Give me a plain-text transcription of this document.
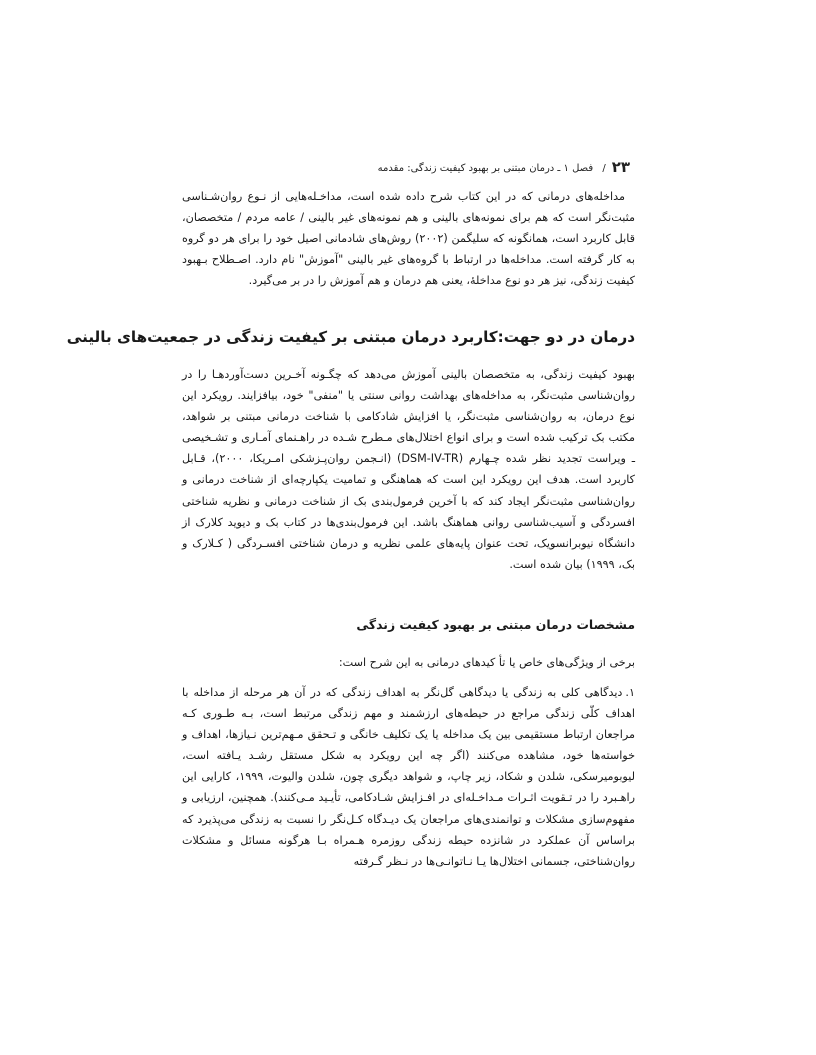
۲۳/ فصل ۱ ـ درمان مبتنی بر بهبود کیفیت زندگی: مقدمه

مداخله‌های درمانی که در این کتاب شرح داده شده است، مداخـله‌هایی از نـوع روان‌شـناسی مثبت‌نگر است که هم برای نمونه‌های بالینی و هم نمونه‌های غیر بالینی / عامه مردم / متخصصان، قابل کاربرد است، همانگونه که سلیگمن (۲۰۰۲) روش‌های شادمانی اصیل خود را برای هر دو گروه به کار گرفته است. مداخله‌ها در ارتباط با گروه‌های غیر بالینی "آموزش" نام دارد. اصـطلاح بـهبود کیفیت زندگی، نیز هر دو نوع مداخلهٔ، یعنی هم درمان و هم آموزش را در بر می‌گیرد.

درمان در دو جهت:کاربرد درمان مبتنی بر کیفیت زندگی در جمعیت‌های بالینی

بهبود کیفیت زندگی، به متخصصان بالینی آموزش می‌دهد که چگـونه آخـرین دست‌آوردهـا را در روان‌شناسی مثبت‌نگر، به مداخله‌های بهداشت روانی سنتی یا "منفی" خود، بیافزایند. رویکرد این نوع درمان، به روان‌شناسی مثبت‌نگر، یا افزایش شادکامی با شناخت درمانی مبتنی بر شواهد، مکتب بک ترکیب شده است و برای انواع اختلال‌های مـطرح شـده در راهـنمای آمـاری و تشـخیصی ـ ویراست تجدید نظر شده چـهارم (DSM-IV-TR) (انـجمن روان‌پـزشکی امـریکا، ۲۰۰۰)، قـابل کاربرد است. هدف این رویکرد این است که هماهنگی و تمامیت یکپارچه‌ای از شناخت درمانی و روان‌شناسی مثبت‌نگر ایجاد کند که با آخرین فرمول‌بندی بک از شناخت درمانی و نظریه شناختی افسردگی و آسیب‌شناسی روانی هماهنگ باشد. این فرمول‌بندی‌ها در کتاب بک و دیوید کلارک از دانشگاه نیوبرانسویک، تحت عنوان پایه‌های علمی نظریه و درمان شناختی افسـردگی ( کـلارک و بک، ۱۹۹۹) بیان شده است.

مشخصات درمان مبتنی بر بهبود کیفیت زندگی

برخی از ویژگی‌های خاص یا تأ کیدهای درمانی به این شرح است:

۱.دیدگاهی کلی به زندگی یا دیدگاهی گل‌نگر به اهداف زندگی که در آن هر مرحله از مداخله با اهداف کلّی زندگی مراجع در حیطه‌های ارزشمند و مهم زندگی مرتبط است، بـه طـوری کـه مراجعان ارتباط مستقیمی بین یک مداخله یا یک تکلیف خانگی و تـحقق مـهم‌ترین نـیازها، اهداف و خواسته‌ها خود، مشاهده می‌کنند (اگر چه این رویکرد به شکل مستقل رشـد یـافته است، لیوبومیرسکی، شلدن و شکاد، زیر چاپ، و شواهد دیگری چون، شلدن والیوت، ۱۹۹۹، کارایی این راهـبرد را در تـقویت اثـرات مـداخـله‌ای در افـزایش شـادکامی، تأیـید مـی‌کنند). همچنین، ارزیابی و مفهوم‌سازی مشکلات و توانمندی‌های مراجعان یک دیـدگاه کـل‌نگر را نسبت به زندگی می‌پذیرد که براساس آن عملکرد در شانزده حیطه زندگی روزمره هـمراه بـا هرگونه مسائل و مشکلات روان‌شناختی، جسمانی اختلال‌ها یـا نـاتوانـی‌ها در نـظر گـرفته
